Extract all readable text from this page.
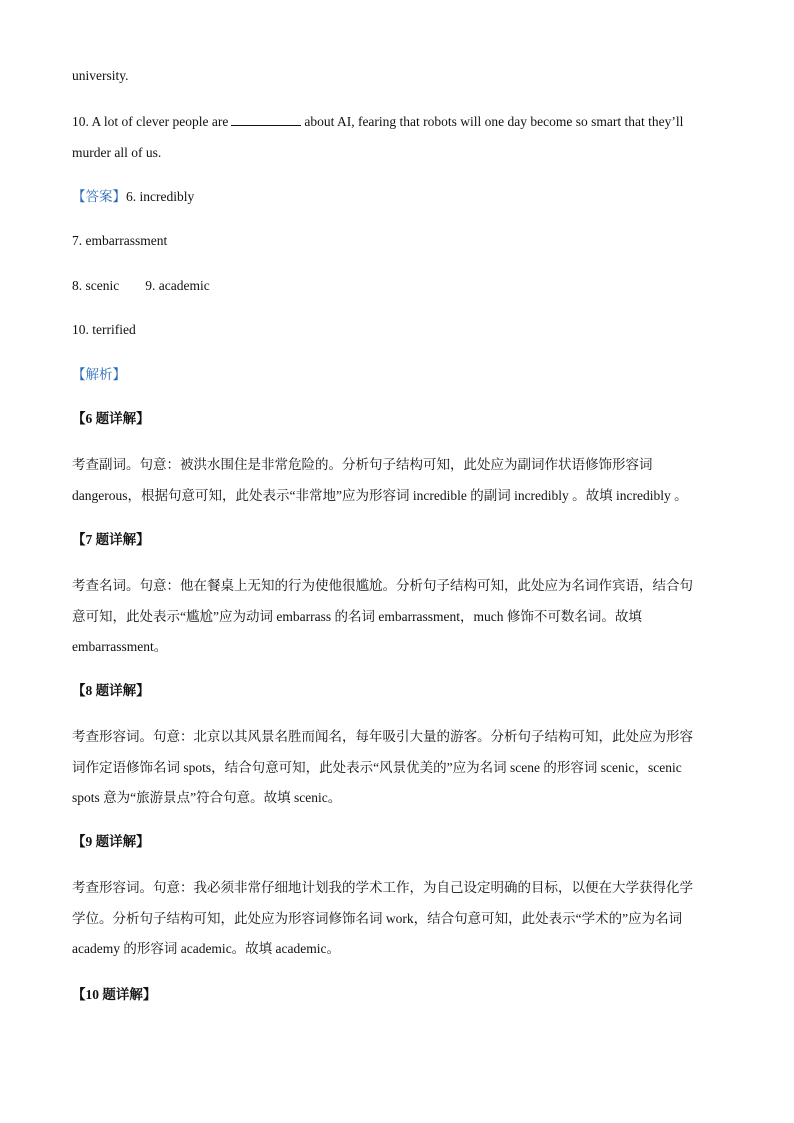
university.
10. A lot of clever people are	about AI, fearing that robots will one day become so smart that they’ll
murder all of us.
【答案】6. incredibly
7. embarrassment
8. scenic 9. academic
10. terrified
【解析】
【6 题详解】
考查副词。句意：被洪水围住是非常危险的。分析句子结构可知，此处应为副词作状语修饰形容词
dangerous，根据句意可知，此处表示“非常地”应为形容词 incredible 的副词 incredibly 。故填 incredibly 。
【7 题详解】
考查名词。句意：他在餐桌上无知的行为使他很尴尬。分析句子结构可知，此处应为名词作宾语，结合句
意可知，此处表示“尴尬”应为动词 embarrass 的名词 embarrassment，much 修饰不可数名词。故填
embarrassment。
【8 题详解】
考查形容词。句意：北京以其风景名胜而闻名，每年吸引大量的游客。分析句子结构可知，此处应为形容
词作定语修饰名词 spots，结合句意可知，此处表示“风景优美的”应为名词 scene 的形容词 scenic，scenic
spots 意为“旅游景点”符合句意。故填 scenic。
【9 题详解】
考查形容词。句意：我必须非常仔细地计划我的学术工作，为自己设定明确的目标，以便在大学获得化学
学位。分析句子结构可知，此处应为形容词修饰名词 work，结合句意可知，此处表示“学术的”应为名词
academy 的形容词 academic。故填 academic。
【10 题详解】
